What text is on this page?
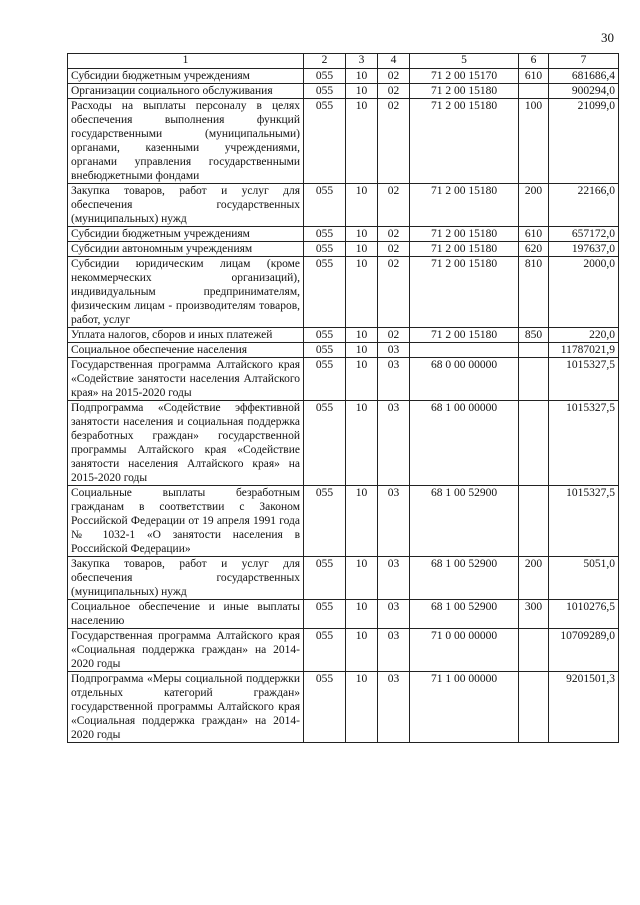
30
1	2	3	4	5	6	7
Субсидии бюджетным учреждениям	055	10	02	71 2 00 15170	610	681686,4
Организации социального обслуживания	055	10	02	71 2 00 15180		900294,0
Расходы на выплаты персоналу в целях обеспечения выполнения функций государственными (муниципальными) органами, казенными учреждениями, органами управления государственными внебюджетными фондами	055	10	02	71 2 00 15180	100	21099,0
Закупка товаров, работ и услуг для обеспечения государственных (муниципальных) нужд	055	10	02	71 2 00 15180	200	22166,0
Субсидии бюджетным учреждениям	055	10	02	71 2 00 15180	610	657172,0
Субсидии автономным учреждениям	055	10	02	71 2 00 15180	620	197637,0
Субсидии юридическим лицам (кроме некоммерческих организаций), индивидуальным предпринимателям, физическим лицам - производителям товаров, работ, услуг	055	10	02	71 2 00 15180	810	2000,0
Уплата налогов, сборов и иных платежей	055	10	02	71 2 00 15180	850	220,0
Социальное обеспечение населения	055	10	03			11787021,9
Государственная программа Алтайского края «Содействие занятости населения Алтайского края» на 2015-2020 годы	055	10	03	68 0 00 00000		1015327,5
Подпрограмма «Содействие эффективной занятости населения и социальная поддержка безработных граждан» государственной программы Алтайского края «Содействие занятости населения Алтайского края» на 2015-2020 годы	055	10	03	68 1 00 00000		1015327,5
Социальные выплаты безработным гражданам в соответствии с Законом Российской Федерации от 19 апреля 1991 года № 1032-1 «О занятости населения в Российской Федерации»	055	10	03	68 1 00 52900		1015327,5
Закупка товаров, работ и услуг для обеспечения государственных (муниципальных) нужд	055	10	03	68 1 00 52900	200	5051,0
Социальное обеспечение и иные выплаты населению	055	10	03	68 1 00 52900	300	1010276,5
Государственная программа Алтайского края «Социальная поддержка граждан» на 2014-2020 годы	055	10	03	71 0 00 00000		10709289,0
Подпрограмма «Меры социальной поддержки отдельных категорий граждан» государственной программы Алтайского края «Социальная поддержка граждан» на 2014-2020 годы	055	10	03	71 1 00 00000		9201501,3
